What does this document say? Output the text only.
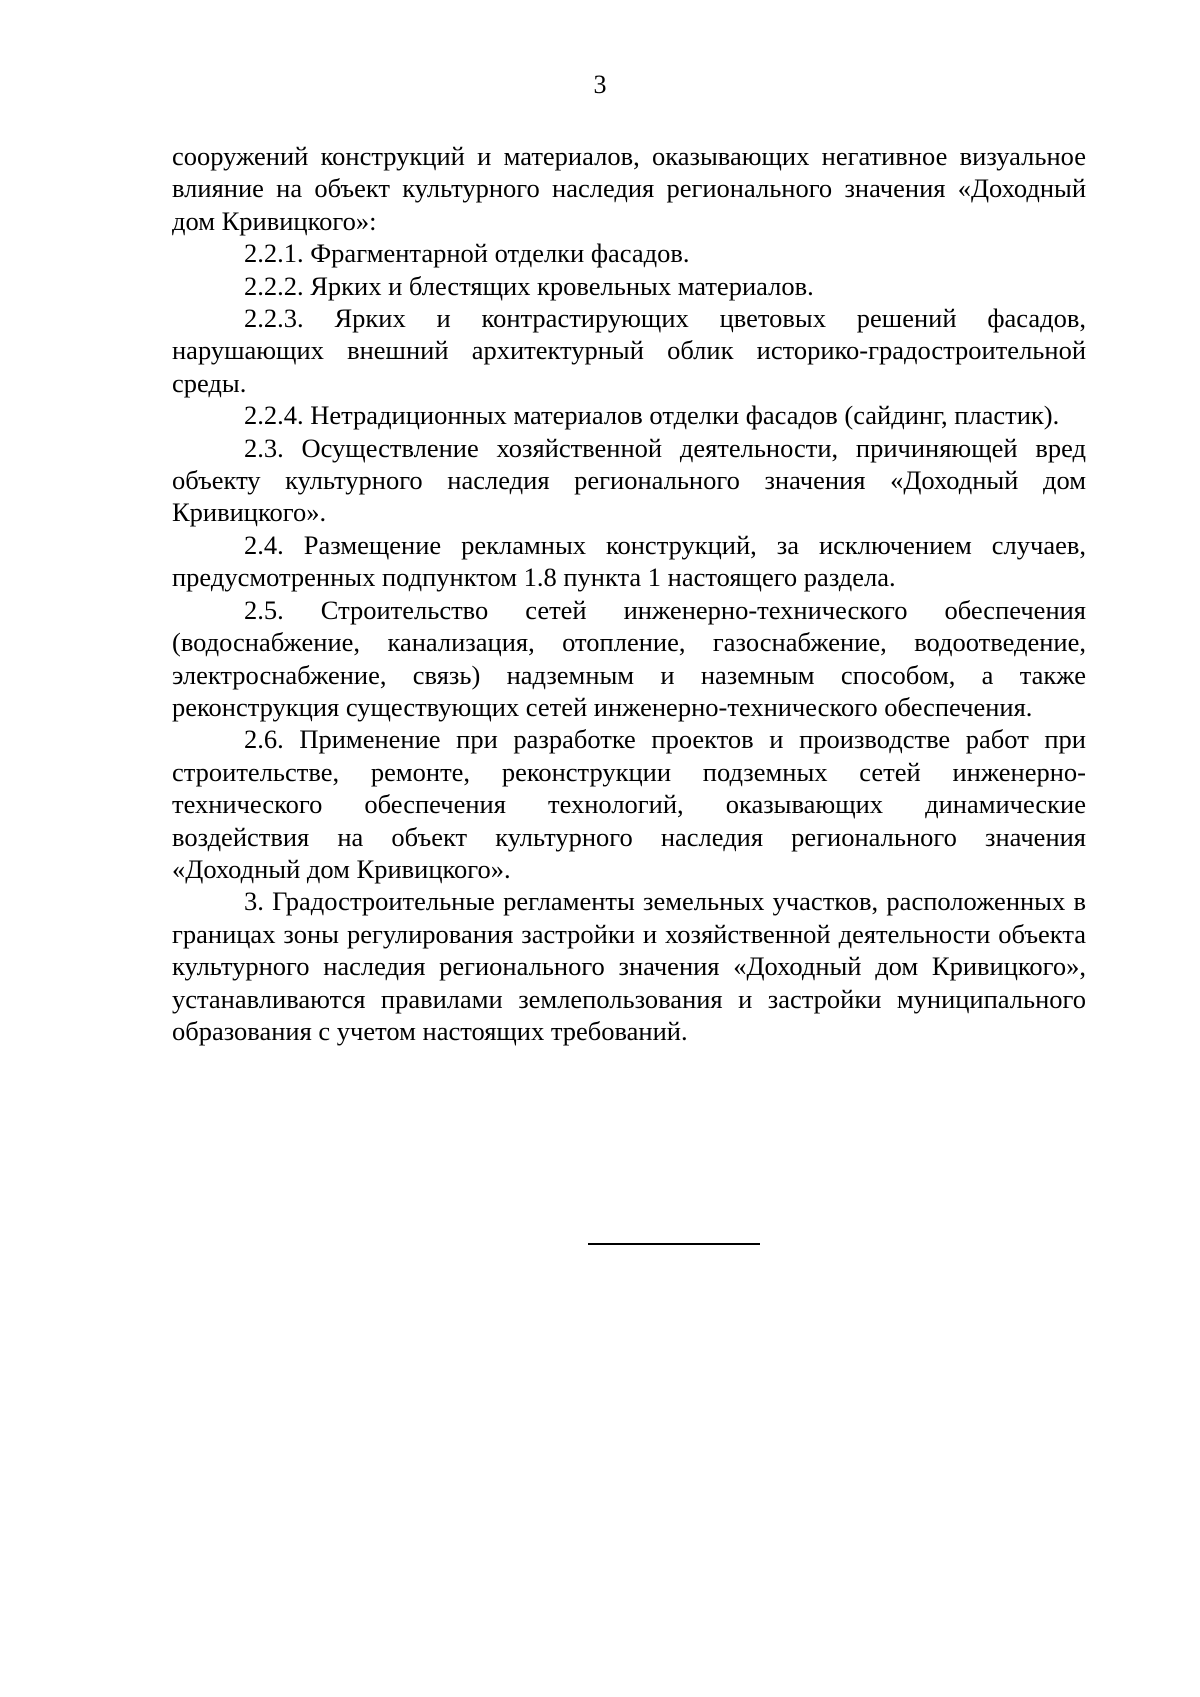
3

сооружений конструкций и материалов, оказывающих негативное визуальное влияние на объект культурного наследия регионального значения «Доходный дом Кривицкого»:

2.2.1. Фрагментарной отделки фасадов.

2.2.2. Ярких и блестящих кровельных материалов.

2.2.3. Ярких и контрастирующих цветовых решений фасадов, нарушающих внешний архитектурный облик историко-градостроительной среды.

2.2.4. Нетрадиционных материалов отделки фасадов (сайдинг, пластик).

2.3. Осуществление хозяйственной деятельности, причиняющей вред объекту культурного наследия регионального значения «Доходный дом Кривицкого».

2.4. Размещение рекламных конструкций, за исключением случаев, предусмотренных подпунктом 1.8 пункта 1 настоящего раздела.

2.5. Строительство сетей инженерно-технического обеспечения (водоснабжение, канализация, отопление, газоснабжение, водоотведение, электроснабжение, связь) надземным и наземным способом, а также реконструкция существующих сетей инженерно-технического обеспечения.

2.6. Применение при разработке проектов и производстве работ при строительстве, ремонте, реконструкции подземных сетей инженерно-технического обеспечения технологий, оказывающих динамические воздействия на объект культурного наследия регионального значения «Доходный дом Кривицкого».

3. Градостроительные регламенты земельных участков, расположенных в границах зоны регулирования застройки и хозяйственной деятельности объекта культурного наследия регионального значения «Доходный дом Кривицкого», устанавливаются правилами землепользования и застройки муниципального образования с учетом настоящих требований.
